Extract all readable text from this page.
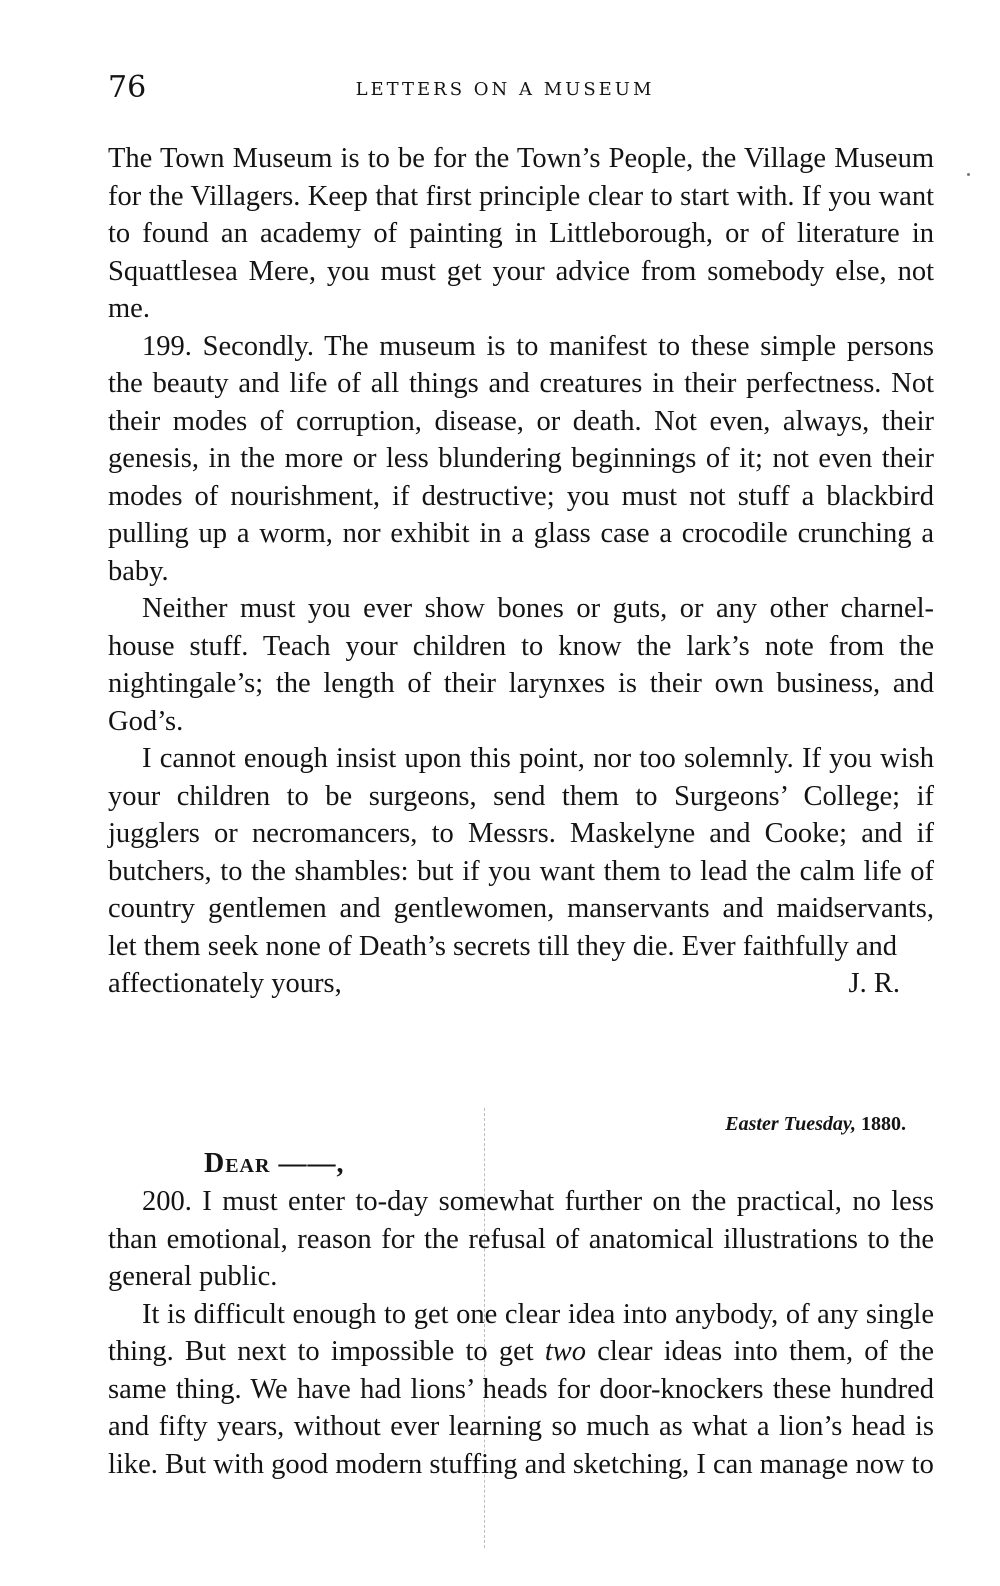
76	LETTERS ON A MUSEUM

The Town Museum is to be for the Town’s People, the Village Museum for the Villagers. Keep that first principle clear to start with. If you want to found an academy of painting in Littleborough, or of literature in Squattlesea Mere, you must get your advice from somebody else, not me.

199. Secondly. The museum is to manifest to these simple persons the beauty and life of all things and creatures in their perfectness. Not their modes of corruption, disease, or death. Not even, always, their genesis, in the more or less blundering beginnings of it; not even their modes of nourishment, if destructive; you must not stuff a blackbird pulling up a worm, nor exhibit in a glass case a crocodile crunching a baby.

Neither must you ever show bones or guts, or any other charnel-house stuff. Teach your children to know the lark’s note from the nightingale’s; the length of their larynxes is their own business, and God’s.

I cannot enough insist upon this point, nor too solemnly. If you wish your children to be surgeons, send them to Surgeons’ College; if jugglers or necromancers, to Messrs. Maskelyne and Cooke; and if butchers, to the shambles: but if you want them to lead the calm life of country gentlemen and gentlewomen, manservants and maidservants, let them seek none of Death’s secrets till they die. Ever faithfully and

affectionately yours,	J. R.
Easter Tuesday, 1880.
Dear ——,

200. I must enter to-day somewhat further on the practical, no less than emotional, reason for the refusal of anatomical illustrations to the general public.

It is difficult enough to get one clear idea into anybody, of any single thing. But next to impossible to get two clear ideas into them, of the same thing. We have had lions’ heads for door-knockers these hundred and fifty years, without ever learning so much as what a lion’s head is like. But with good modern stuffing and sketching, I can manage now to
